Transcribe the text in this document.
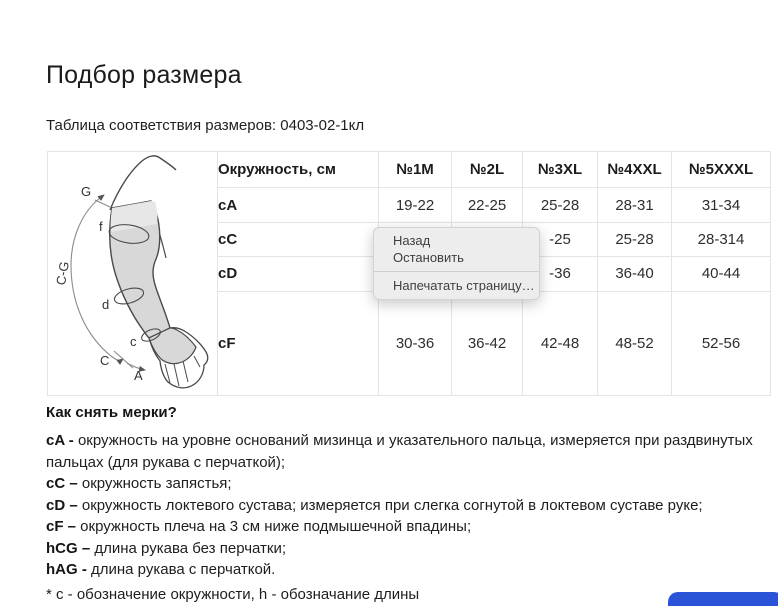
Подбор размера
Таблица соответствия размеров: 0403-02-1кл
G
f
C-G
d
c
C
A
	Окружность, см	№1M	№2L	№3XL	№4XXL	№5XXXL
	cA	19-22	22-25	25-28	28-31	31-34
	cC			-25	25-28	28-314
	cD			-36	36-40	40-44
	cF	30-36	36-42	42-48	48-52	52-56
Назад
Остановить
Напечатать страницу…
Как снять мерки?

cA - окружность на уровне оснований мизинца и указательного пальца, измеряется при раздвинутых пальцах (для рукава с перчаткой);

cC – окружность запястья;

cD – окружность локтевого сустава; измеряется при слегка согнутой в локтевом суставе руке;

cF – окружность плеча на 3 см ниже подмышечной впадины;

hCG – длина рукава без перчатки;

hAG - длина рукава с перчаткой.

* c - обозначение окружности, h - обозначание длины
